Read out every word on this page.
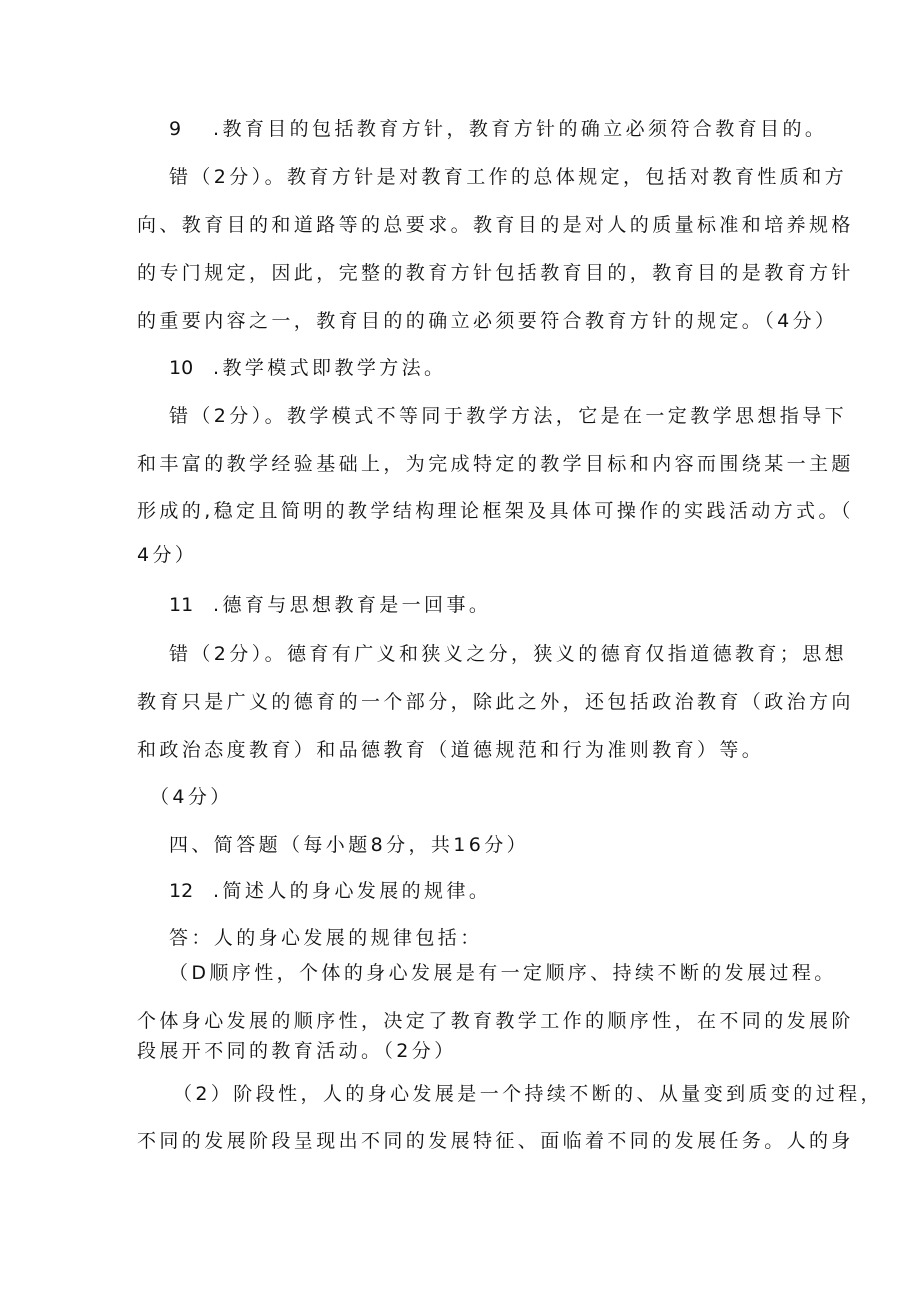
9 .教育目的包括教育方针，教育方针的确立必须符合教育目的。
错（2分）。教育方针是对教育工作的总体规定，包括对教育性质和方
向、教育目的和道路等的总要求。教育目的是对人的质量标准和培养规格
的专门规定，因此，完整的教育方针包括教育目的，教育目的是教育方针
的重要内容之一，教育目的的确立必须要符合教育方针的规定。（4分）
10 .教学模式即教学方法。
错（2分）。教学模式不等同于教学方法，它是在一定教学思想指导下
和丰富的教学经验基础上，为完成特定的教学目标和内容而围绕某一主题
形成的,稳定且简明的教学结构理论框架及具体可操作的实践活动方式。（
4分）
11 .德育与思想教育是一回事。
错（2分）。德育有广义和狭义之分，狭义的德育仅指道德教育；思想
教育只是广义的德育的一个部分，除此之外，还包括政治教育（政治方向
和政治态度教育）和品德教育（道德规范和行为准则教育）等。
（4分）
四、简答题（每小题8分，共16分）
12 .简述人的身心发展的规律。
答：人的身心发展的规律包括：
（D顺序性，个体的身心发展是有一定顺序、持续不断的发展过程。
个体身心发展的顺序性，决定了教育教学工作的顺序性，在不同的发展阶
段展开不同的教育活动。（2分）
（2）阶段性，人的身心发展是一个持续不断的、从量变到质变的过程，
不同的发展阶段呈现出不同的发展特征、面临着不同的发展任务。人的身
